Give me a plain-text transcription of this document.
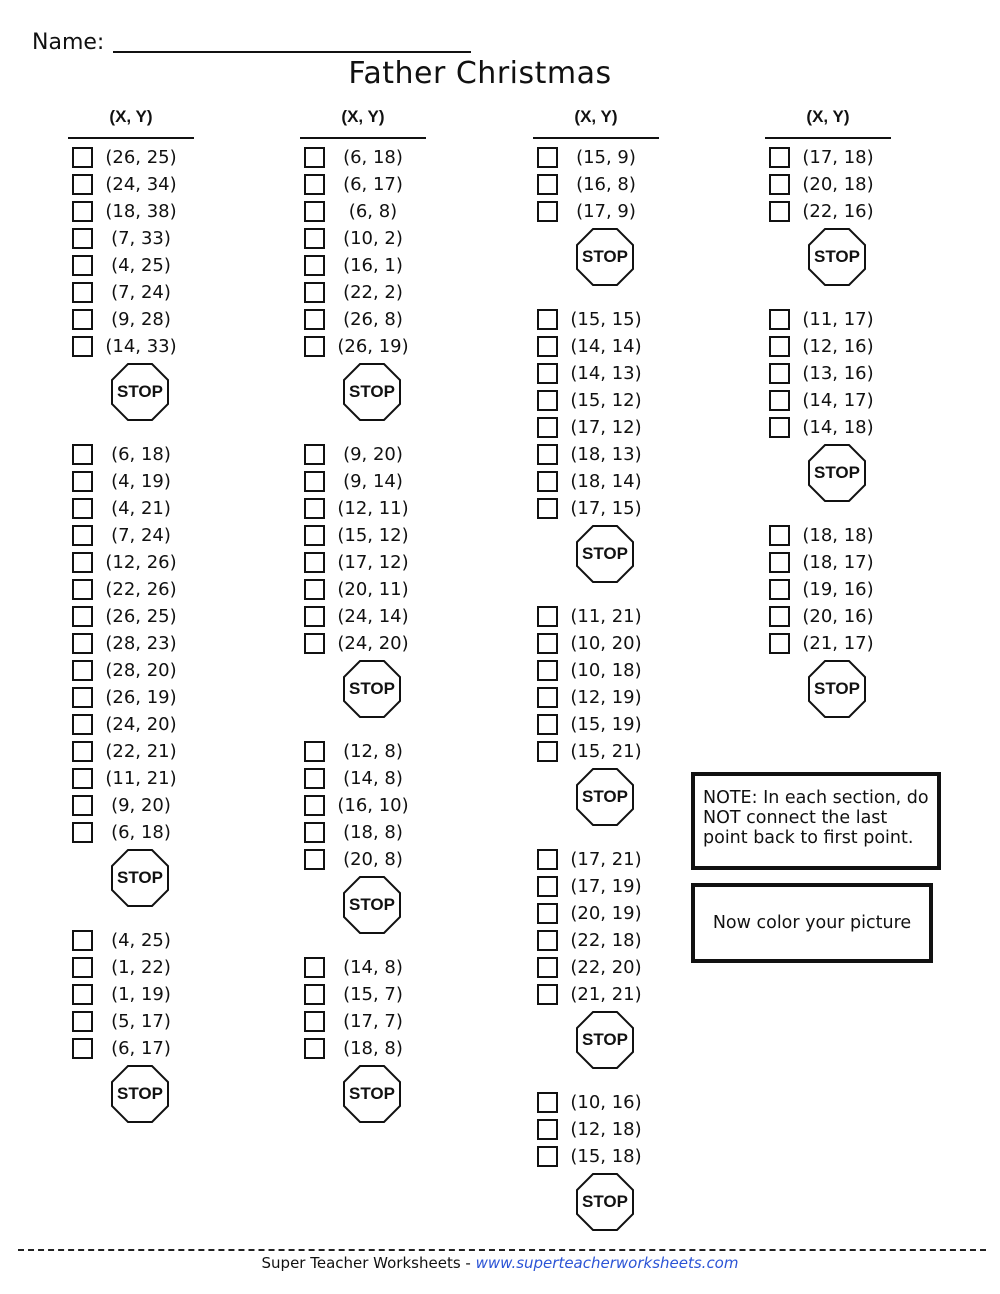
Name:
Father Christmas
(X, Y)
(26, 25)
(24, 34)
(18, 38)
(7, 33)
(4, 25)
(7, 24)
(9, 28)
(14, 33)
STOP
(6, 18)
(4, 19)
(4, 21)
(7, 24)
(12, 26)
(22, 26)
(26, 25)
(28, 23)
(28, 20)
(26, 19)
(24, 20)
(22, 21)
(11, 21)
(9, 20)
(6, 18)
STOP
(4, 25)
(1, 22)
(1, 19)
(5, 17)
(6, 17)
STOP
(X, Y)
(6, 18)
(6, 17)
(6, 8)
(10, 2)
(16, 1)
(22, 2)
(26, 8)
(26, 19)
STOP
(9, 20)
(9, 14)
(12, 11)
(15, 12)
(17, 12)
(20, 11)
(24, 14)
(24, 20)
STOP
(12, 8)
(14, 8)
(16, 10)
(18, 8)
(20, 8)
STOP
(14, 8)
(15, 7)
(17, 7)
(18, 8)
STOP
(X, Y)
(15, 9)
(16, 8)
(17, 9)
STOP
(15, 15)
(14, 14)
(14, 13)
(15, 12)
(17, 12)
(18, 13)
(18, 14)
(17, 15)
STOP
(11, 21)
(10, 20)
(10, 18)
(12, 19)
(15, 19)
(15, 21)
STOP
(17, 21)
(17, 19)
(20, 19)
(22, 18)
(22, 20)
(21, 21)
STOP
(10, 16)
(12, 18)
(15, 18)
STOP
(X, Y)
(17, 18)
(20, 18)
(22, 16)
STOP
(11, 17)
(12, 16)
(13, 16)
(14, 17)
(14, 18)
STOP
(18, 18)
(18, 17)
(19, 16)
(20, 16)
(21, 17)
STOP
NOTE: In each section, do NOT connect the last point back to first point.
Now color your picture
Super Teacher Worksheets - www.superteacherworksheets.com
